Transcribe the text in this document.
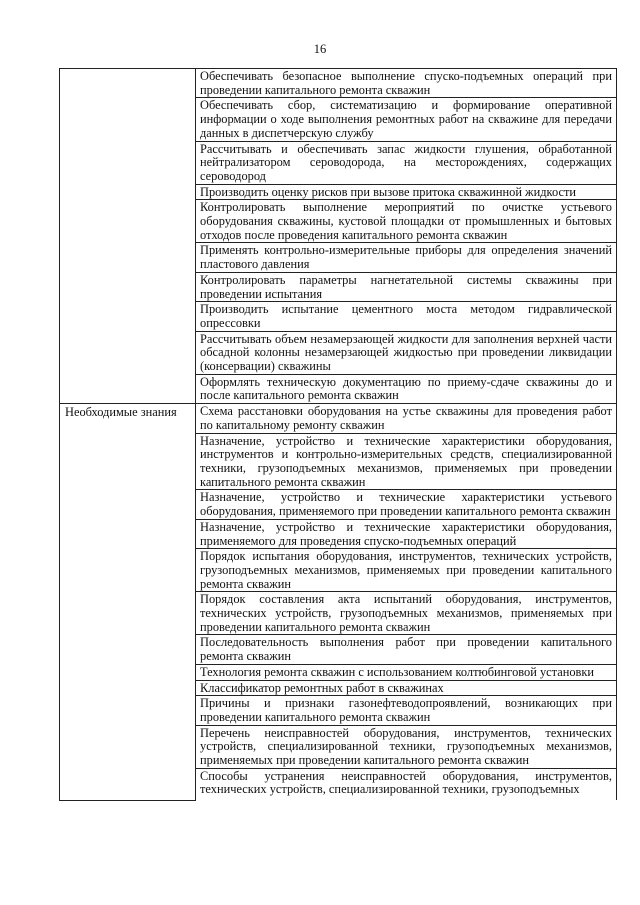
16
	Обеспечивать безопасное выполнение спуско-подъемных операций при проведении капитального ремонта скважин
	Обеспечивать сбор, систематизацию и формирование оперативной информации о ходе выполнения ремонтных работ на скважине для передачи данных в диспетчерскую службу
	Рассчитывать и обеспечивать запас жидкости глушения, обработанной нейтрализатором сероводорода, на месторождениях, содержащих сероводород
	Производить оценку рисков при вызове притока скважинной жидкости
	Контролировать выполнение мероприятий по очистке устьевого оборудования скважины, кустовой площадки от промышленных и бытовых отходов после проведения капитального ремонта скважин
	Применять контрольно-измерительные приборы для определения значений пластового давления
	Контролировать параметры нагнетательной системы скважины при проведении испытания
	Производить испытание цементного моста методом гидравлической опрессовки
	Рассчитывать объем незамерзающей жидкости для заполнения верхней части обсадной колонны незамерзающей жидкостью при проведении ликвидации (консервации) скважины
	Оформлять техническую документацию по приему-сдаче скважины до и после капитального ремонта скважин
Необходимые знания	Схема расстановки оборудования на устье скважины для проведения работ по капитальному ремонту скважин
	Назначение, устройство и технические характеристики оборудования, инструментов и контрольно-измерительных средств, специализированной техники, грузоподъемных механизмов, применяемых при проведении капитального ремонта скважин
	Назначение, устройство и технические характеристики устьевого оборудования, применяемого при проведении капитального ремонта скважин
	Назначение, устройство и технические характеристики оборудования, применяемого для проведения спуско-подъемных операций
	Порядок испытания оборудования, инструментов, технических устройств, грузоподъемных механизмов, применяемых при проведении капитального ремонта скважин
	Порядок составления акта испытаний оборудования, инструментов, технических устройств, грузоподъемных механизмов, применяемых при проведении капитального ремонта скважин
	Последовательность выполнения работ при проведении капитального ремонта скважин
	Технология ремонта скважин с использованием колтюбинговой установки
	Классификатор ремонтных работ в скважинах
	Причины и признаки газонефтеводопроявлений, возникающих при проведении капитального ремонта скважин
	Перечень неисправностей оборудования, инструментов, технических устройств, специализированной техники, грузоподъемных механизмов, применяемых при проведении капитального ремонта скважин
	Способы устранения неисправностей оборудования, инструментов, технических устройств, специализированной техники, грузоподъемных
